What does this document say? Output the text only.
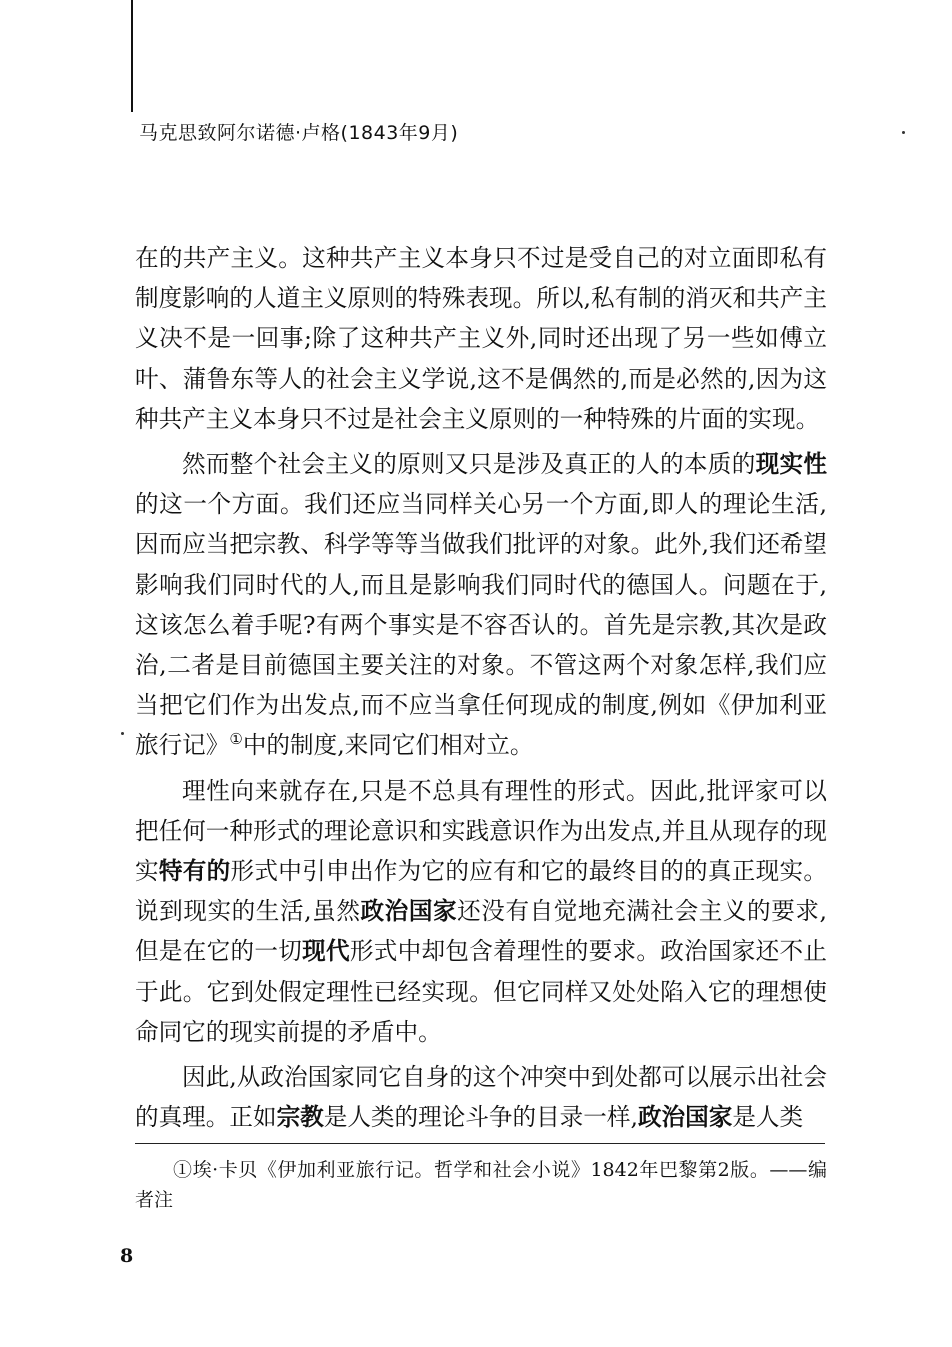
马克思致阿尔诺德·卢格(1843年9月)

在的共产主义。这种共产主义本身只不过是受自己的对立面即私有制度影响的人道主义原则的特殊表现。所以,私有制的消灭和共产主义决不是一回事;除了这种共产主义外,同时还出现了另一些如傅立叶、蒲鲁东等人的社会主义学说,这不是偶然的,而是必然的,因为这种共产主义本身只不过是社会主义原则的一种特殊的片面的实现。

然而整个社会主义的原则又只是涉及真正的人的本质的现实性的这一个方面。我们还应当同样关心另一个方面,即人的理论生活,因而应当把宗教、科学等等当做我们批评的对象。此外,我们还希望影响我们同时代的人,而且是影响我们同时代的德国人。问题在于,这该怎么着手呢?有两个事实是不容否认的。首先是宗教,其次是政治,二者是目前德国主要关注的对象。不管这两个对象怎样,我们应当把它们作为出发点,而不应当拿任何现成的制度,例如《伊加利亚旅行记》①中的制度,来同它们相对立。

理性向来就存在,只是不总具有理性的形式。因此,批评家可以把任何一种形式的理论意识和实践意识作为出发点,并且从现存的现实特有的形式中引申出作为它的应有和它的最终目的的真正现实。说到现实的生活,虽然政治国家还没有自觉地充满社会主义的要求,但是在它的一切现代形式中却包含着理性的要求。政治国家还不止于此。它到处假定理性已经实现。但它同样又处处陷入它的理想使命同它的现实前提的矛盾中。

因此,从政治国家同它自身的这个冲突中到处都可以展示出社会的真理。正如宗教是人类的理论斗争的目录一样,政治国家是人类

①埃·卡贝《伊加利亚旅行记。哲学和社会小说》1842年巴黎第2版。——编者注
8
